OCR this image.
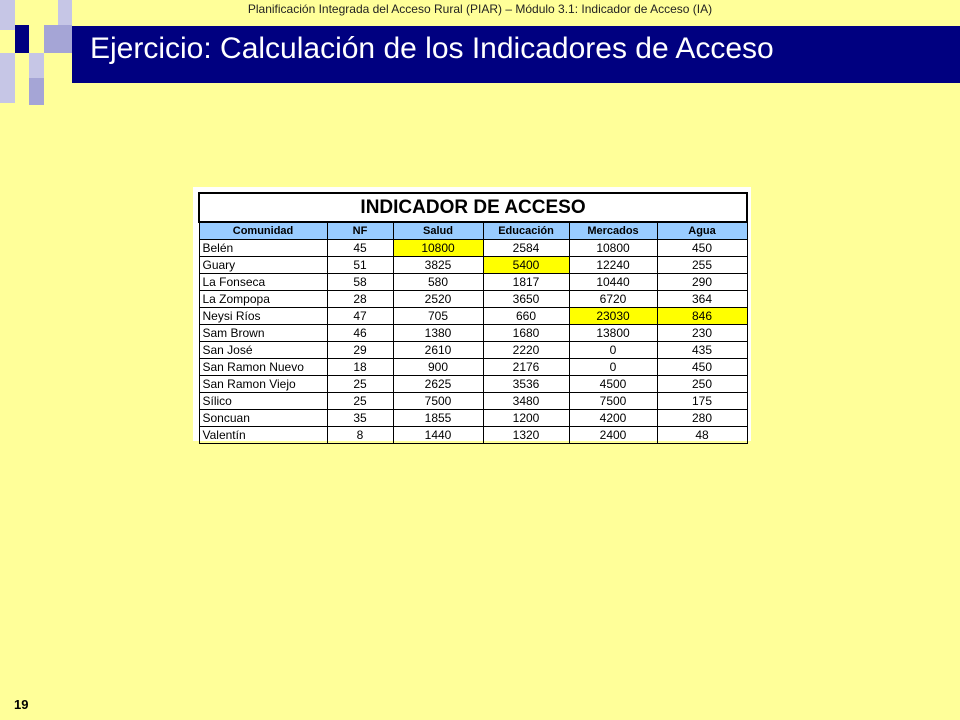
Planificación Integrada del Acceso Rural (PIAR) – Módulo 3.1: Indicador de Acceso (IA)
Ejercicio: Calculación de los Indicadores de Acceso
INDICADOR DE ACCESO					
Comunidad	NF	Salud	Educación	Mercados	Agua
Belén	45	10800	2584	10800	450
Guary	51	3825	5400	12240	255
La Fonseca	58	580	1817	10440	290
La Zompopa	28	2520	3650	6720	364
Neysi Ríos	47	705	660	23030	846
Sam Brown	46	1380	1680	13800	230
San José	29	2610	2220	0	435
San Ramon Nuevo	18	900	2176	0	450
San Ramon Viejo	25	2625	3536	4500	250
Sílico	25	7500	3480	7500	175
Soncuan	35	1855	1200	4200	280
Valentín	8	1440	1320	2400	48
19
